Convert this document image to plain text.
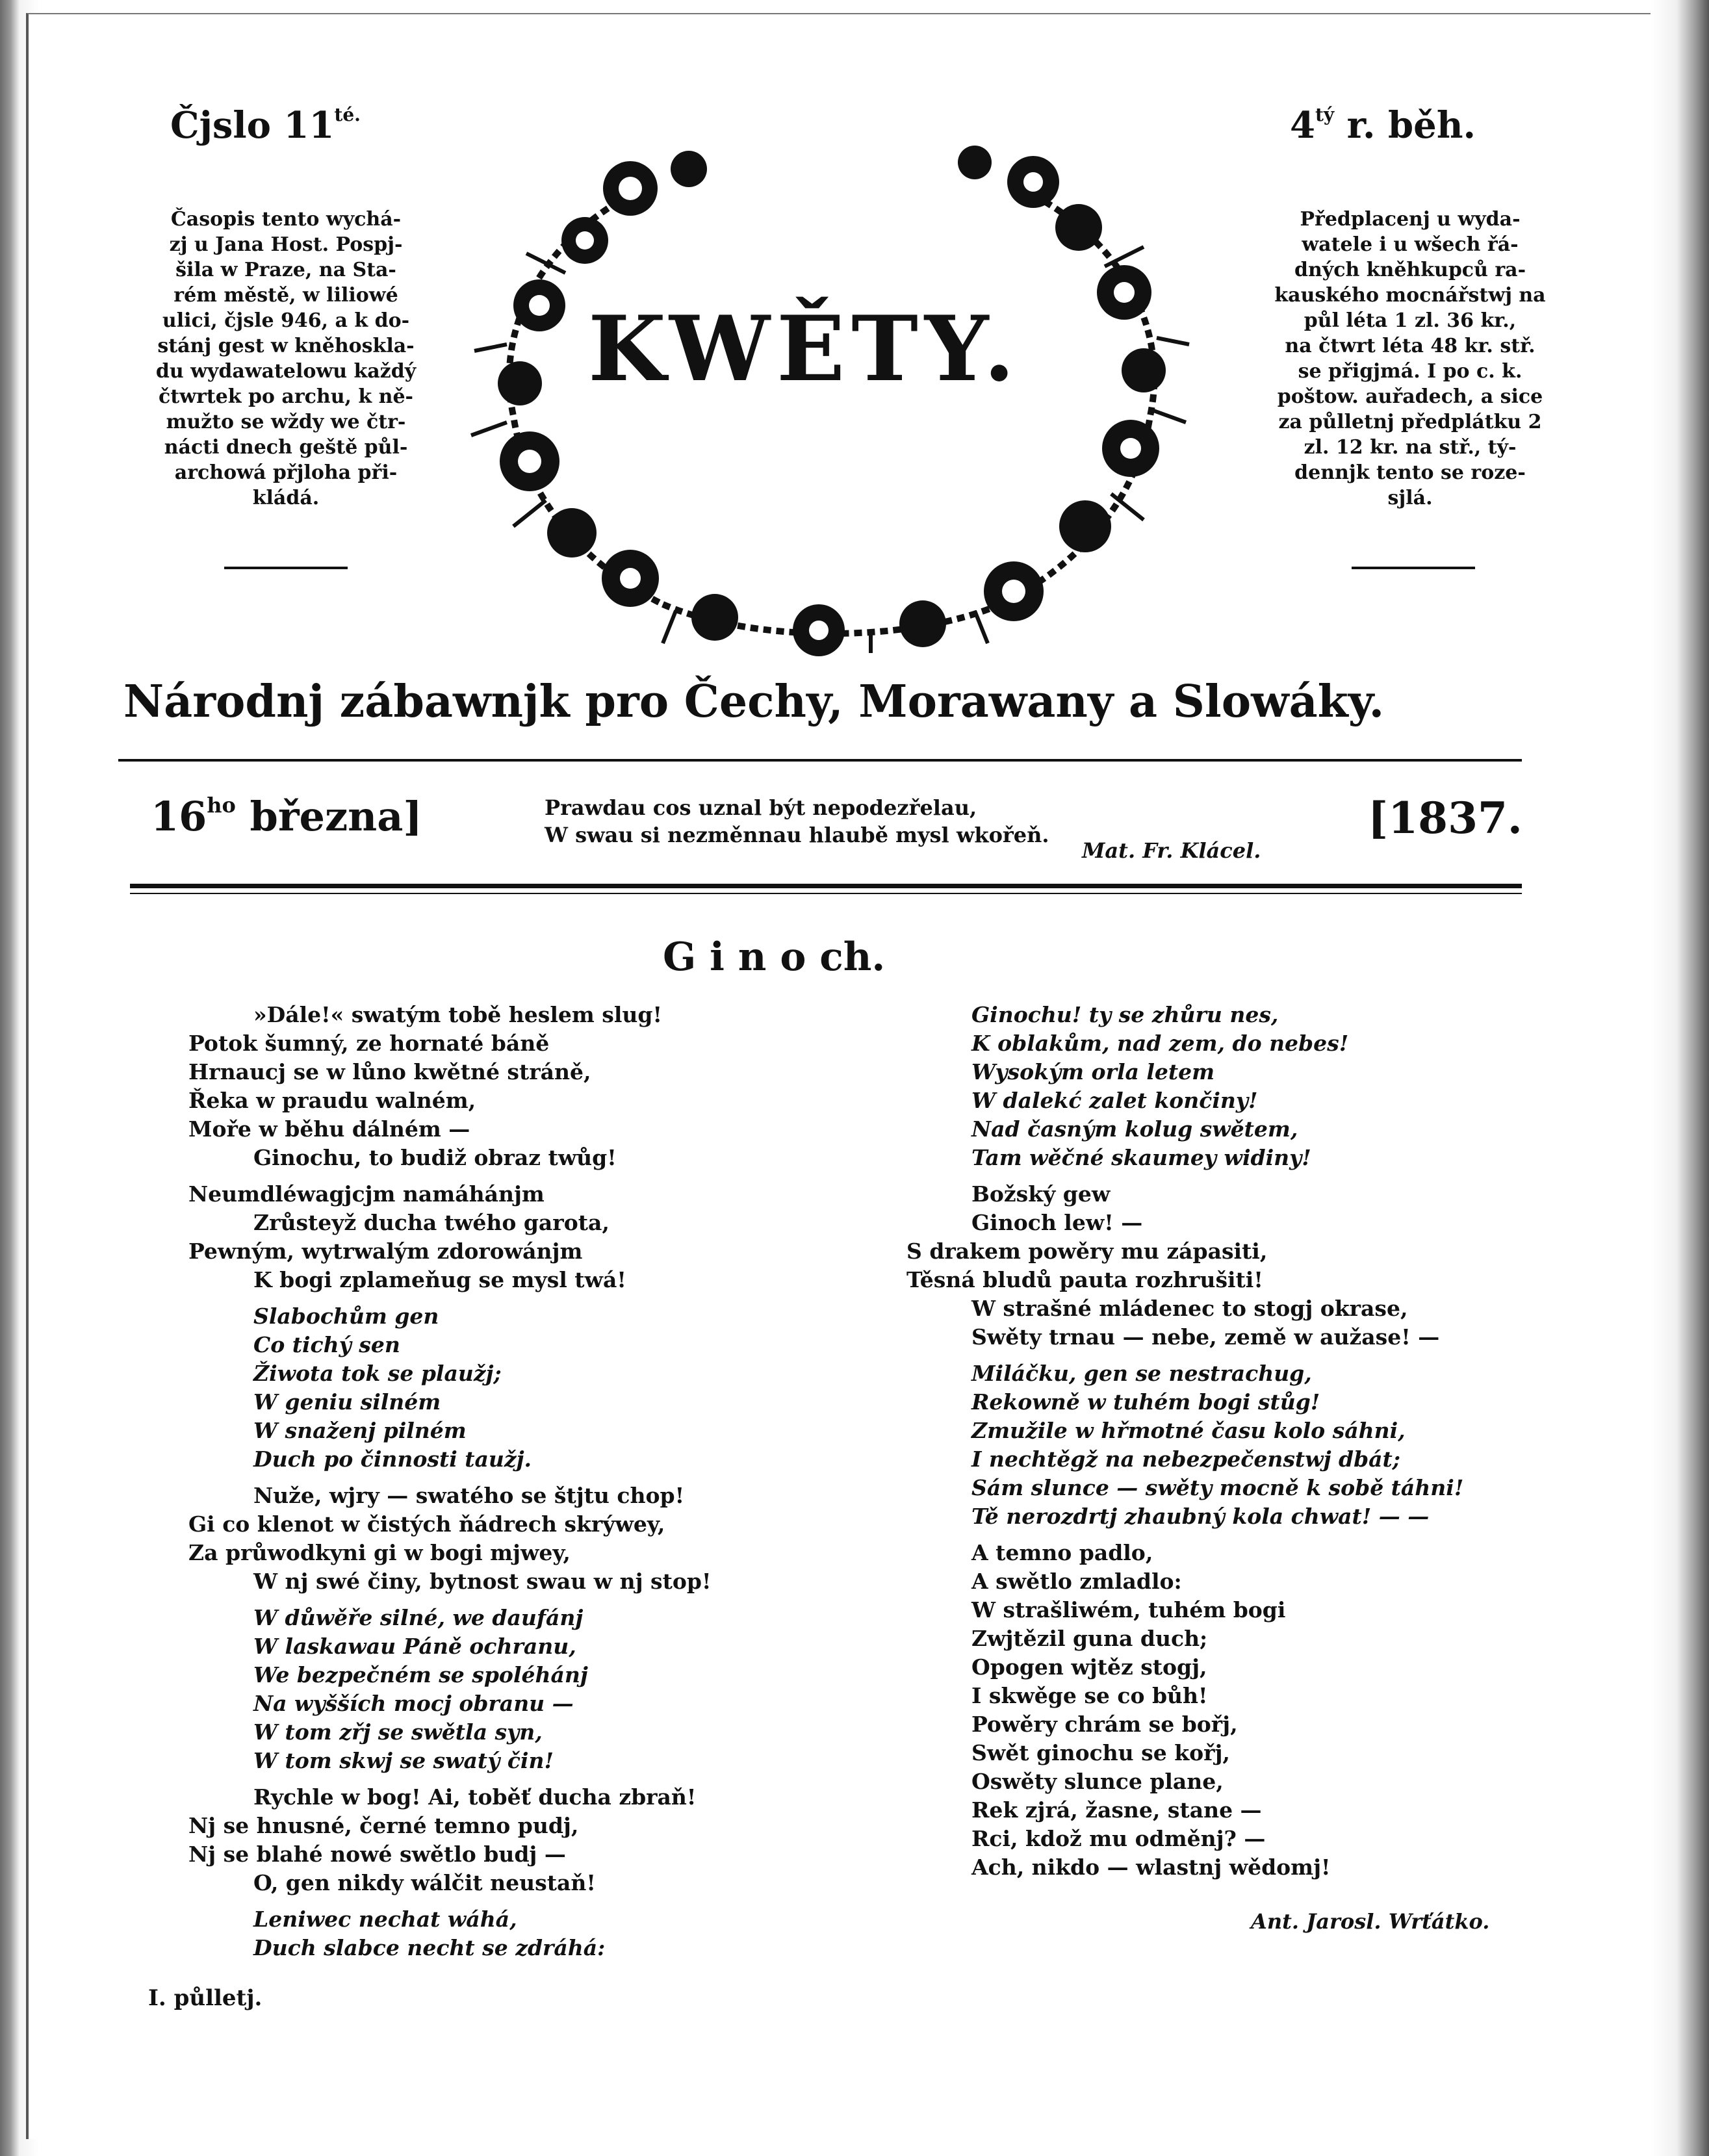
Čjslo $11^{té.}$	$4^{tý}$ r. běh.
Časopis tento wychá-
zj u Jana Host. Pospj-
šila w Praze, na Sta-
rém městě, w liliowé
ulici, čjsle 946, a k do-
stánj gest w kněhoskla-
du wydawatelowu každý
čtwrtek po archu, k ně-
mužto se wždy we čtr-
nácti dnech geště půl-
archowá přjloha při-
kládá.
Předplacenj u wyda-
watele i u wšech řá-
dných kněhkupců ra-
kauského mocnářstwj na
půl léta 1 zl. 36 kr.,
na čtwrt léta 48 kr. stř.
se přigjmá. I po c. k.
poštow. auřadech, a sice
za půlletnj předplátku 2
zl. 12 kr. na stř., tý-
dennjk tento se roze-
sjlá.
KWĚTY.
Národnj zábawnjk pro Čechy, Morawany a Slowáky.
$16^{ho}$ března]	Prawdau cos uznal být nepodezřelau,
W swau si nezměnnau hlaubě mysl wkořeň.
Mat. Fr. Klácel.
[1837.
G i n o ch.
»Dále!« swatým tobě heslem slug!
Potok šumný, ze hornaté báně
Hrnaucj se w lůno kwětné stráně,
Řeka w praudu walném,
Moře w běhu dálném —
Ginochu, to budiž obraz twůg!
Neumdléwagjcjm namáhánjm
Zrůsteyž ducha twého garota,
Pewným, wytrwalým zdorowánjm
K bogi zplameňug se mysl twá!
Slabochům gen
Co tichý sen
Žiwota tok se plaužj;
W geniu silném
W snaženj pilném
Duch po činnosti taužj.
Nuže, wjry — swatého se štjtu chop!
Gi co klenot w čistých ňádrech skrýwey,
Za průwodkyni gi w bogi mjwey,
W nj swé činy, bytnost swau w nj stop!
W důwěře silné, we daufánj
W laskawau Páně ochranu,
We bezpečném se spoléhánj
Na wyšších mocj obranu —
W tom zřj se swětla syn,
W tom skwj se swatý čin!
Rychle w bog! Ai, toběť ducha zbraň!
Nj se hnusné, černé temno pudj,
Nj se blahé nowé swětlo budj —
O, gen nikdy wálčit neustaň!
Leniwec nechat wáhá,
Duch slabce necht se zdráhá:
Ginochu! ty se zhůru nes,
K oblakům, nad zem, do nebes!
Wysokým orla letem
W dalekć zalet končiny!
Nad časným kolug swětem,
Tam wěčné skaumey widiny!
Božský gew
Ginoch lew! —
S drakem powěry mu zápasiti,
Těsná bludů pauta rozhrušiti!
W strašné mládenec to stogj okrase,
Swěty trnau — nebe, země w aužase! —
Miláčku, gen se nestrachug,
Rekowně w tuhém bogi stůg!
Zmužile w hřmotné času kolo sáhni,
I nechtěgž na nebezpečenstwj dbát;
Sám slunce — swěty mocně k sobě táhni!
Tě nerozdrtj zhaubný kola chwat! — —
A temno padlo,
A swětlo zmladlo:
W strašliwém, tuhém bogi
Zwjtězil guna duch;
Opogen wjtěz stogj,
I skwěge se co bůh!
Powěry chrám se bořj,
Swět ginochu se kořj,
Oswěty slunce plane,
Rek zjrá, žasne, stane —
Rci, kdož mu odměnj? —
Ach, nikdo — wlastnj wědomj!
Ant. Jarosl. Wrťátko.
I. půlletj.
